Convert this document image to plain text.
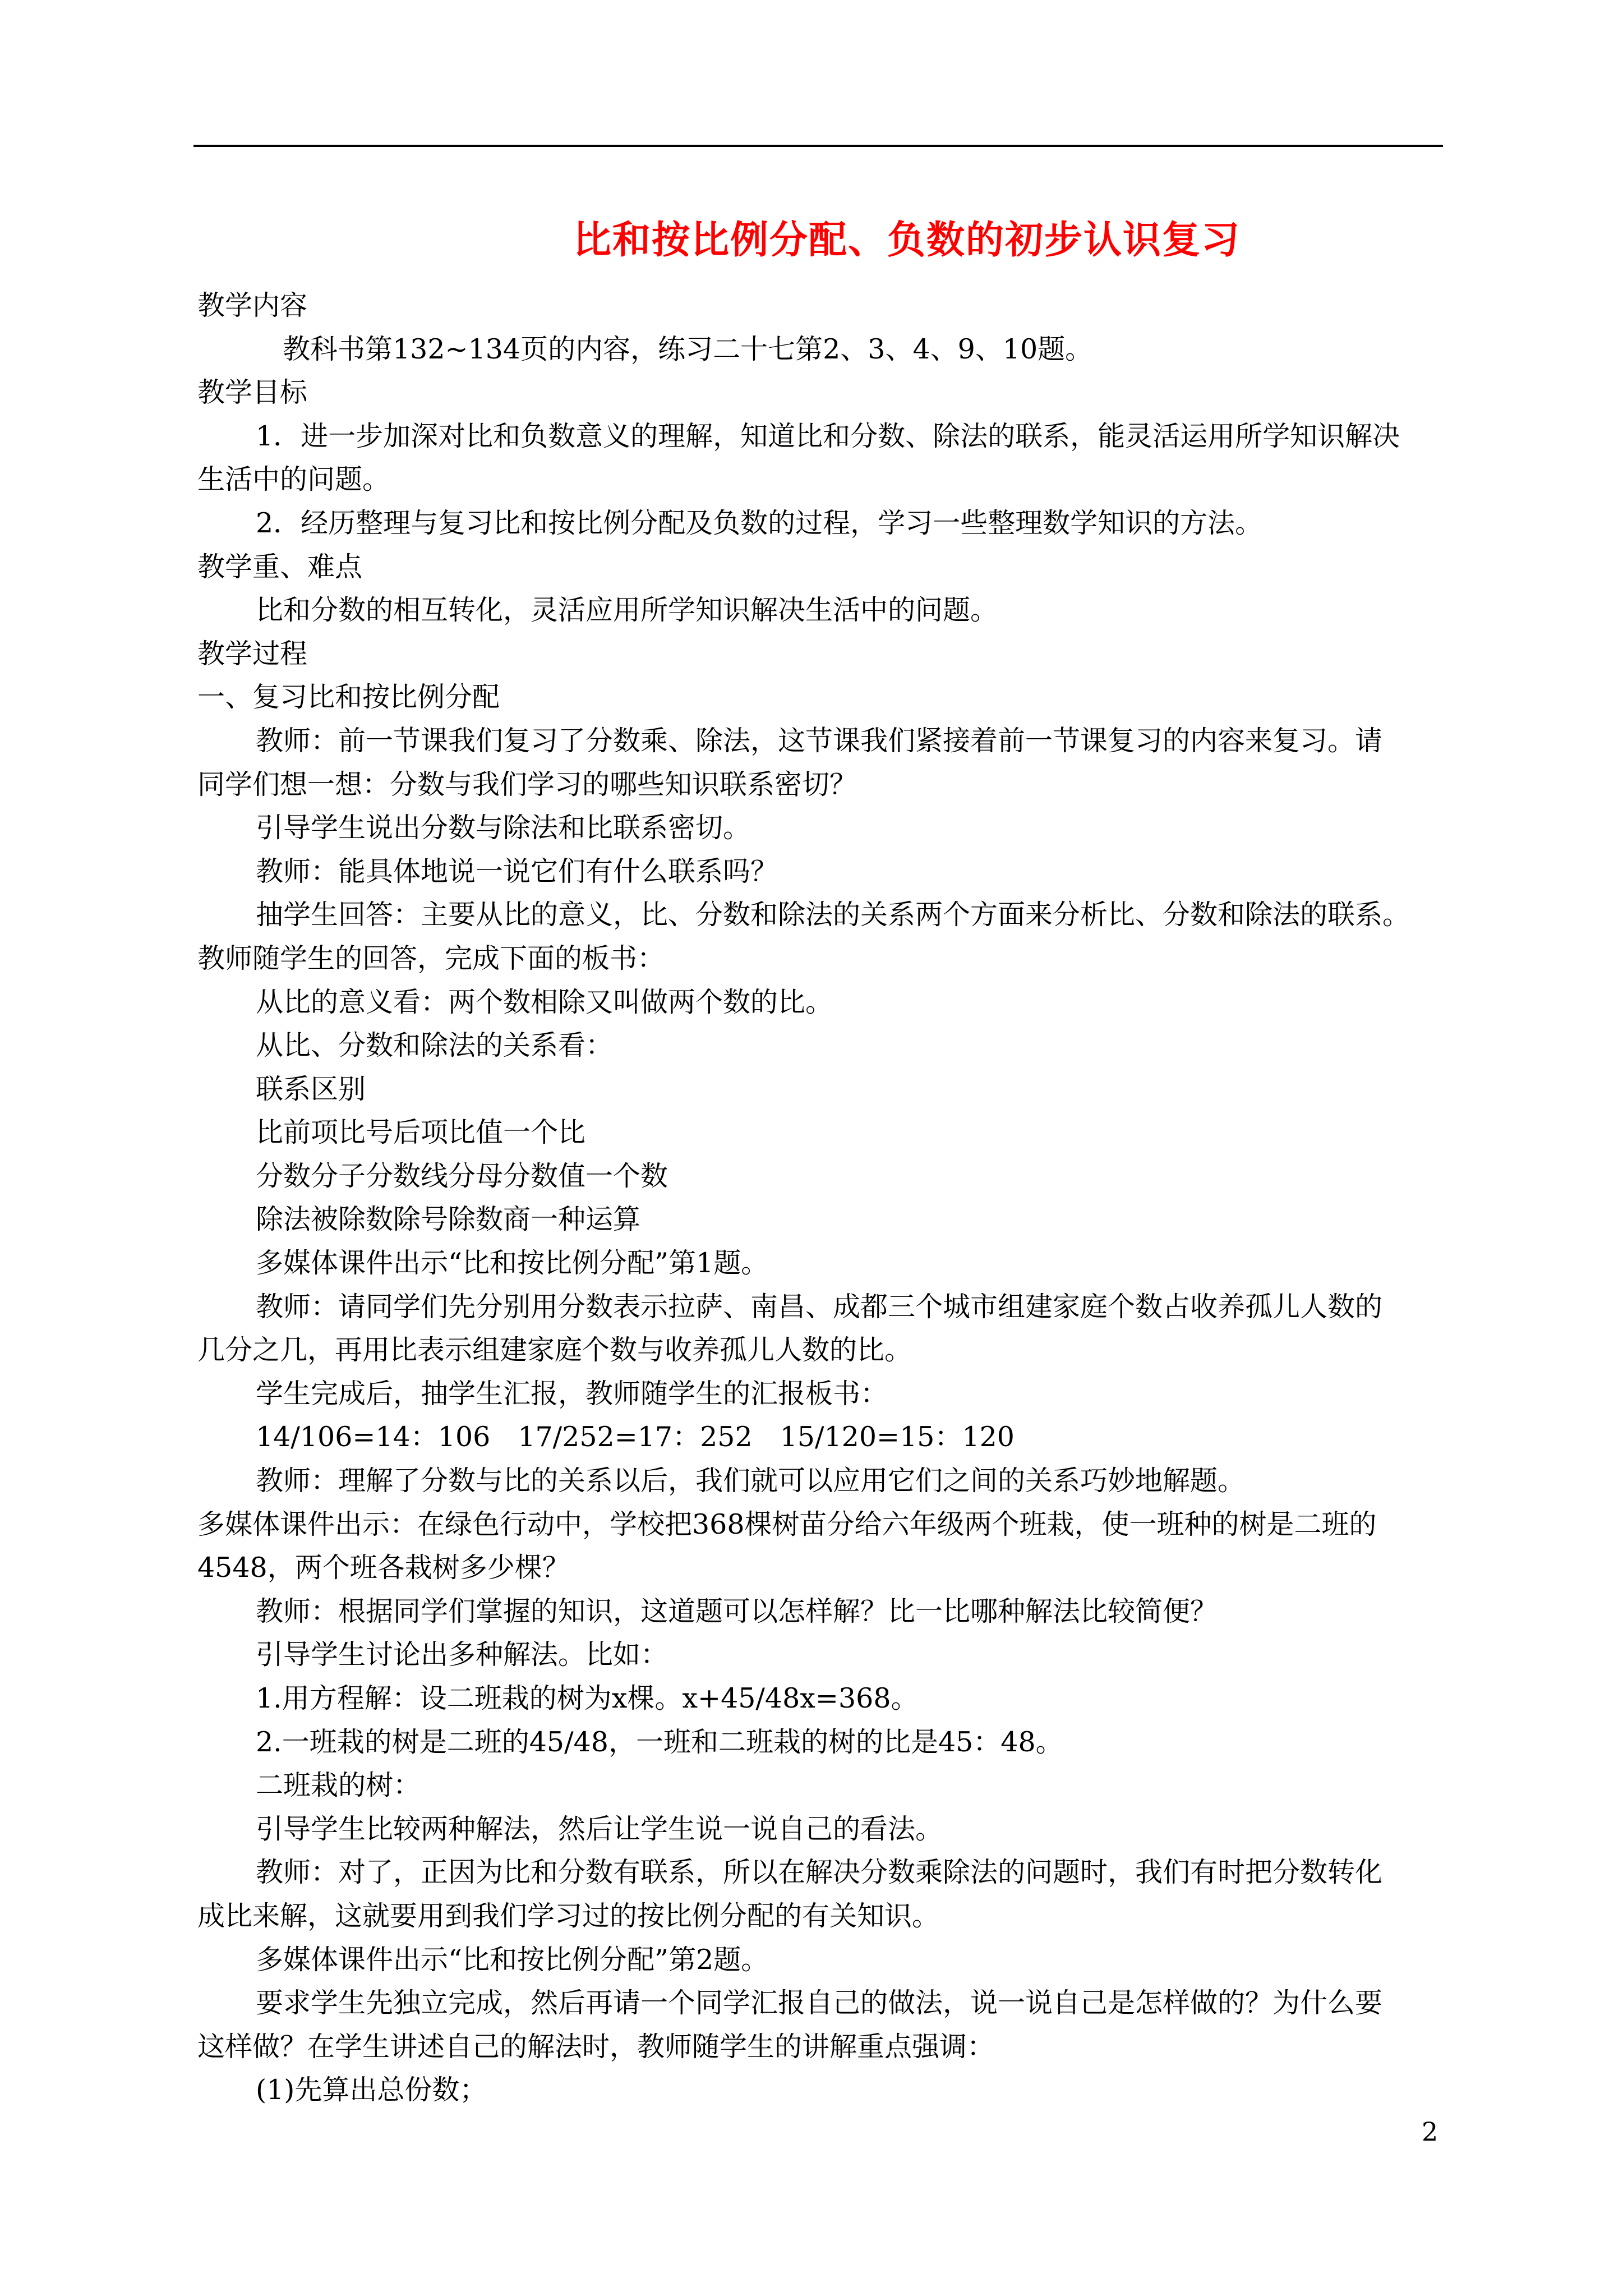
比和按比例分配、负数的初步认识复习
教学内容
教科书第132~134页的内容，练习二十七第2、3、4、9、10题。
教学目标
1．进一步加深对比和负数意义的理解，知道比和分数、除法的联系，能灵活运用所学知识解决
生活中的问题。
2．经历整理与复习比和按比例分配及负数的过程，学习一些整理数学知识的方法。
教学重、难点
比和分数的相互转化，灵活应用所学知识解决生活中的问题。
教学过程
一、复习比和按比例分配
教师：前一节课我们复习了分数乘、除法，这节课我们紧接着前一节课复习的内容来复习。请
同学们想一想：分数与我们学习的哪些知识联系密切？
引导学生说出分数与除法和比联系密切。
教师：能具体地说一说它们有什么联系吗？
抽学生回答：主要从比的意义，比、分数和除法的关系两个方面来分析比、分数和除法的联系。
教师随学生的回答，完成下面的板书：
从比的意义看：两个数相除又叫做两个数的比。
从比、分数和除法的关系看：
联系区别
比前项比号后项比值一个比
分数分子分数线分母分数值一个数
除法被除数除号除数商一种运算
多媒体课件出示“比和按比例分配”第1题。
教师：请同学们先分别用分数表示拉萨、南昌、成都三个城市组建家庭个数占收养孤儿人数的
几分之几，再用比表示组建家庭个数与收养孤儿人数的比。
学生完成后，抽学生汇报，教师随学生的汇报板书：
14/106=14：106　17/252=17：252　15/120=15：120
教师：理解了分数与比的关系以后，我们就可以应用它们之间的关系巧妙地解题。
多媒体课件出示：在绿色行动中，学校把368棵树苗分给六年级两个班栽，使一班种的树是二班的
4548，两个班各栽树多少棵？
教师：根据同学们掌握的知识，这道题可以怎样解？比一比哪种解法比较简便？
引导学生讨论出多种解法。比如：
1.用方程解：设二班栽的树为x棵。x+45/48x=368。
2.一班栽的树是二班的45/48，一班和二班栽的树的比是45：48。
二班栽的树：
引导学生比较两种解法，然后让学生说一说自己的看法。
教师：对了，正因为比和分数有联系，所以在解决分数乘除法的问题时，我们有时把分数转化
成比来解，这就要用到我们学习过的按比例分配的有关知识。
多媒体课件出示“比和按比例分配”第2题。
要求学生先独立完成，然后再请一个同学汇报自己的做法，说一说自己是怎样做的？为什么要
这样做？在学生讲述自己的解法时，教师随学生的讲解重点强调：
(1)先算出总份数；
2
